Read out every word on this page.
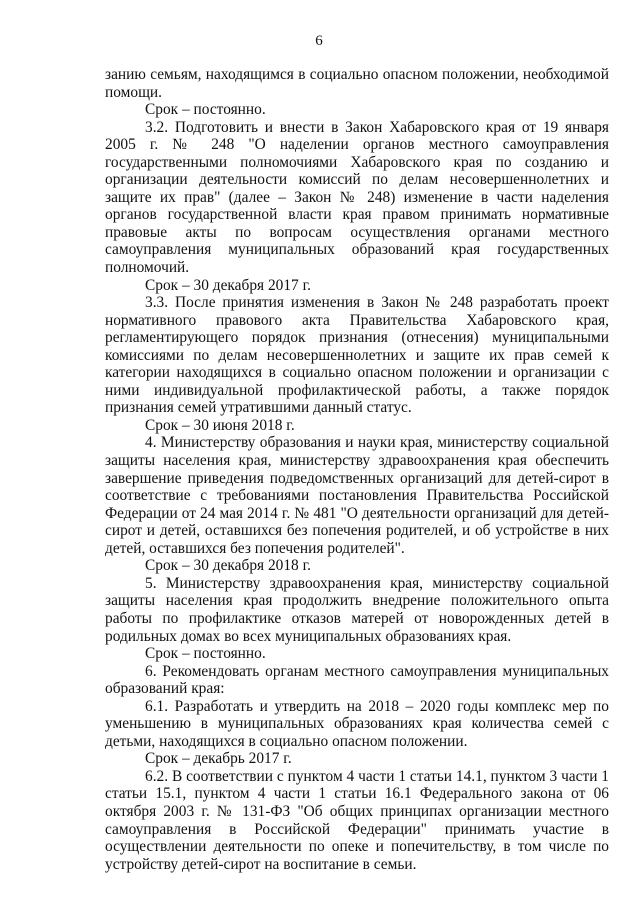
6

занию семьям, находящимся в социально опасном положении, необходимой помощи.

Срок – постоянно.

3.2. Подготовить и внести в Закон Хабаровского края от 19 января 2005 г. № 248 "О наделении органов местного самоуправления государственными полномочиями Хабаровского края по созданию и организации деятельности комиссий по делам несовершеннолетних и защите их прав" (далее – Закон № 248) изменение в части наделения органов государственной власти края правом принимать нормативные правовые акты по вопросам осуществления органами местного самоуправления муниципальных образований края государственных полномочий.

Срок – 30 декабря 2017 г.

3.3. После принятия изменения в Закон № 248 разработать проект нормативного правового акта Правительства Хабаровского края, регламентирующего порядок признания (отнесения) муниципальными комиссиями по делам несовершеннолетних и защите их прав семей к категории находящихся в социально опасном положении и организации с ними индивидуальной профилактической работы, а также порядок признания семей утратившими данный статус.

Срок – 30 июня 2018 г.

4. Министерству образования и науки края, министерству социальной защиты населения края, министерству здравоохранения края обеспечить завершение приведения подведомственных организаций для детей-сирот в соответствие с требованиями постановления Правительства Российской Федерации от 24 мая 2014 г. № 481 "О деятельности организаций для детей-сирот и детей, оставшихся без попечения родителей, и об устройстве в них детей, оставшихся без попечения родителей".

Срок – 30 декабря 2018 г.

5. Министерству здравоохранения края, министерству социальной защиты населения края продолжить внедрение положительного опыта работы по профилактике отказов матерей от новорожденных детей в родильных домах во всех муниципальных образованиях края.

Срок – постоянно.

6. Рекомендовать органам местного самоуправления муниципальных образований края:

6.1. Разработать и утвердить на 2018 – 2020 годы комплекс мер по уменьшению в муниципальных образованиях края количества семей с детьми, находящихся в социально опасном положении.

Срок – декабрь 2017 г.

6.2. В соответствии с пунктом 4 части 1 статьи 14.1, пунктом 3 части 1 статьи 15.1, пунктом 4 части 1 статьи 16.1 Федерального закона от 06 октября 2003 г. № 131-ФЗ "Об общих принципах организации местного самоуправления в Российской Федерации" принимать участие в осуществлении деятельности по опеке и попечительству, в том числе по устройству детей-сирот на воспитание в семьи.
